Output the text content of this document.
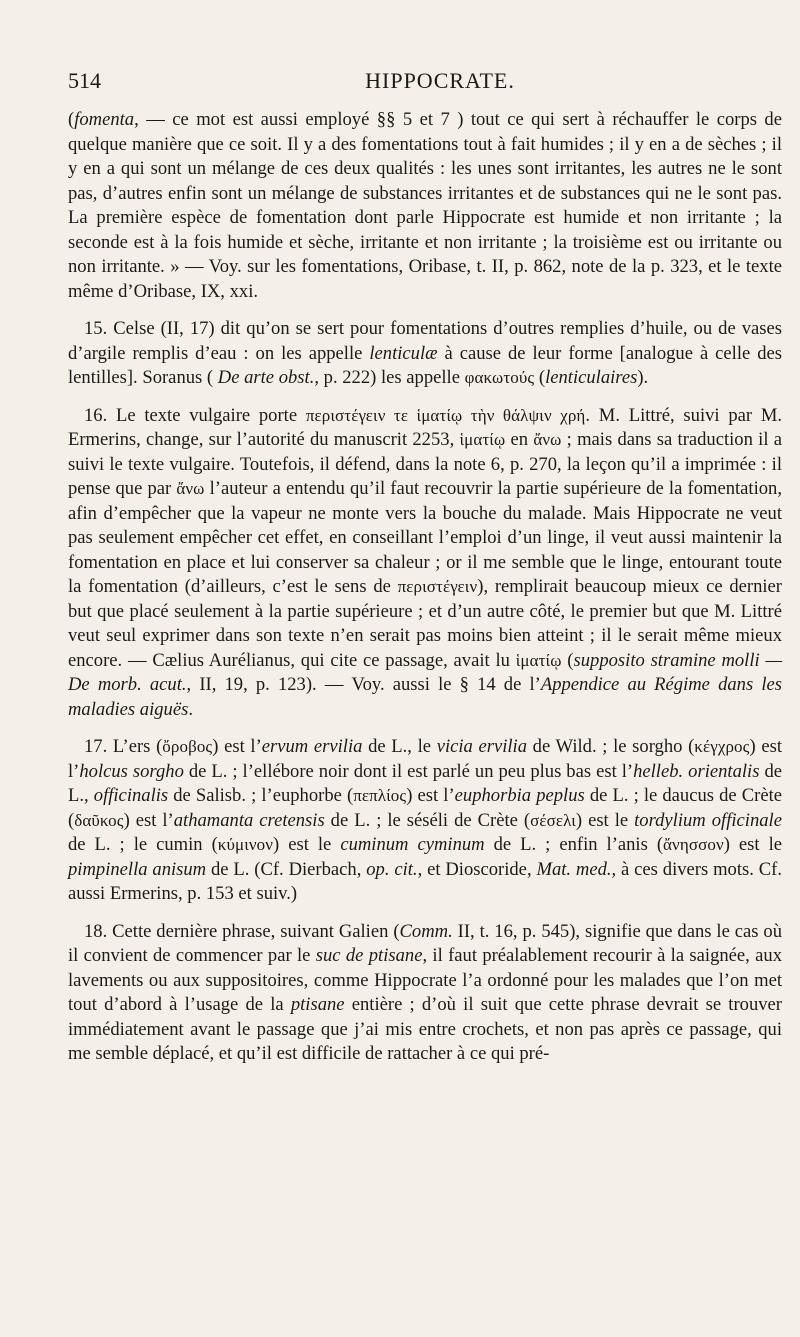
514	HIPPOCRATE.

(fomenta, — ce mot est aussi employé §§ 5 et 7 ) tout ce qui sert à réchauffer le corps de quelque manière que ce soit. Il y a des fomentations tout à fait humides ; il y en a de sèches ; il y en a qui sont un mélange de ces deux qualités : les unes sont irritantes, les autres ne le sont pas, d’autres enfin sont un mélange de substances irritantes et de substances qui ne le sont pas. La première espèce de fomentation dont parle Hippocrate est humide et non irritante ; la seconde est à la fois humide et sèche, irritante et non irritante ; la troisième est ou irritante ou non irritante. » — Voy. sur les fomentations, Oribase, t. II, p. 862, note de la p. 323, et le texte même d’Oribase, IX, xxi.

15. Celse (II, 17) dit qu’on se sert pour fomentations d’outres remplies d’huile, ou de vases d’argile remplis d’eau : on les appelle lenticulæ à cause de leur forme [analogue à celle des lentilles]. Soranus ( De arte obst., p. 222) les appelle φακωτούς (lenticulaires).

16. Le texte vulgaire porte περιστέγειν τε ἱματίῳ τὴν θάλψιν χρή. M. Littré, suivi par M. Ermerins, change, sur l’autorité du manuscrit 2253, ἱματίῳ en ἄνω ; mais dans sa traduction il a suivi le texte vulgaire. Toutefois, il défend, dans la note 6, p. 270, la leçon qu’il a imprimée : il pense que par ἄνω l’auteur a entendu qu’il faut recouvrir la partie supérieure de la fomentation, afin d’empêcher que la vapeur ne monte vers la bouche du malade. Mais Hippocrate ne veut pas seulement empêcher cet effet, en conseillant l’emploi d’un linge, il veut aussi maintenir la fomentation en place et lui conserver sa chaleur ; or il me semble que le linge, entourant toute la fomentation (d’ailleurs, c’est le sens de περιστέγειν), remplirait beaucoup mieux ce dernier but que placé seulement à la partie supérieure ; et d’un autre côté, le premier but que M. Littré veut seul exprimer dans son texte n’en serait pas moins bien atteint ; il le serait même mieux encore. — Cælius Aurélianus, qui cite ce passage, avait lu ἱματίῳ (supposito stramine molli — De morb. acut., II, 19, p. 123). — Voy. aussi le § 14 de l’Appendice au Régime dans les maladies aiguës.

17. L’ers (ὄροβος) est l’ervum ervilia de L., le vicia ervilia de Wild. ; le sorgho (κέγχρος) est l’holcus sorgho de L. ; l’ellébore noir dont il est parlé un peu plus bas est l’helleb. orientalis de L., officinalis de Salisb. ; l’euphorbe (πεπλίος) est l’euphorbia peplus de L. ; le daucus de Crète (δαῦκος) est l’athamanta cretensis de L. ; le séséli de Crète (σέσελι) est le tordylium officinale de L. ; le cumin (κύμινον) est le cuminum cyminum de L. ; enfin l’anis (ἄνησσον) est le pimpinella anisum de L. (Cf. Dierbach, op. cit., et Dioscoride, Mat. med., à ces divers mots. Cf. aussi Ermerins, p. 153 et suiv.)

18. Cette dernière phrase, suivant Galien (Comm. II, t. 16, p. 545), signifie que dans le cas où il convient de commencer par le suc de ptisane, il faut préalablement recourir à la saignée, aux lavements ou aux suppositoires, comme Hippocrate l’a ordonné pour les malades que l’on met tout d’abord à l’usage de la ptisane entière ; d’où il suit que cette phrase devrait se trouver immédiatement avant le passage que j’ai mis entre crochets, et non pas après ce passage, qui me semble déplacé, et qu’il est difficile de rattacher à ce qui pré-
